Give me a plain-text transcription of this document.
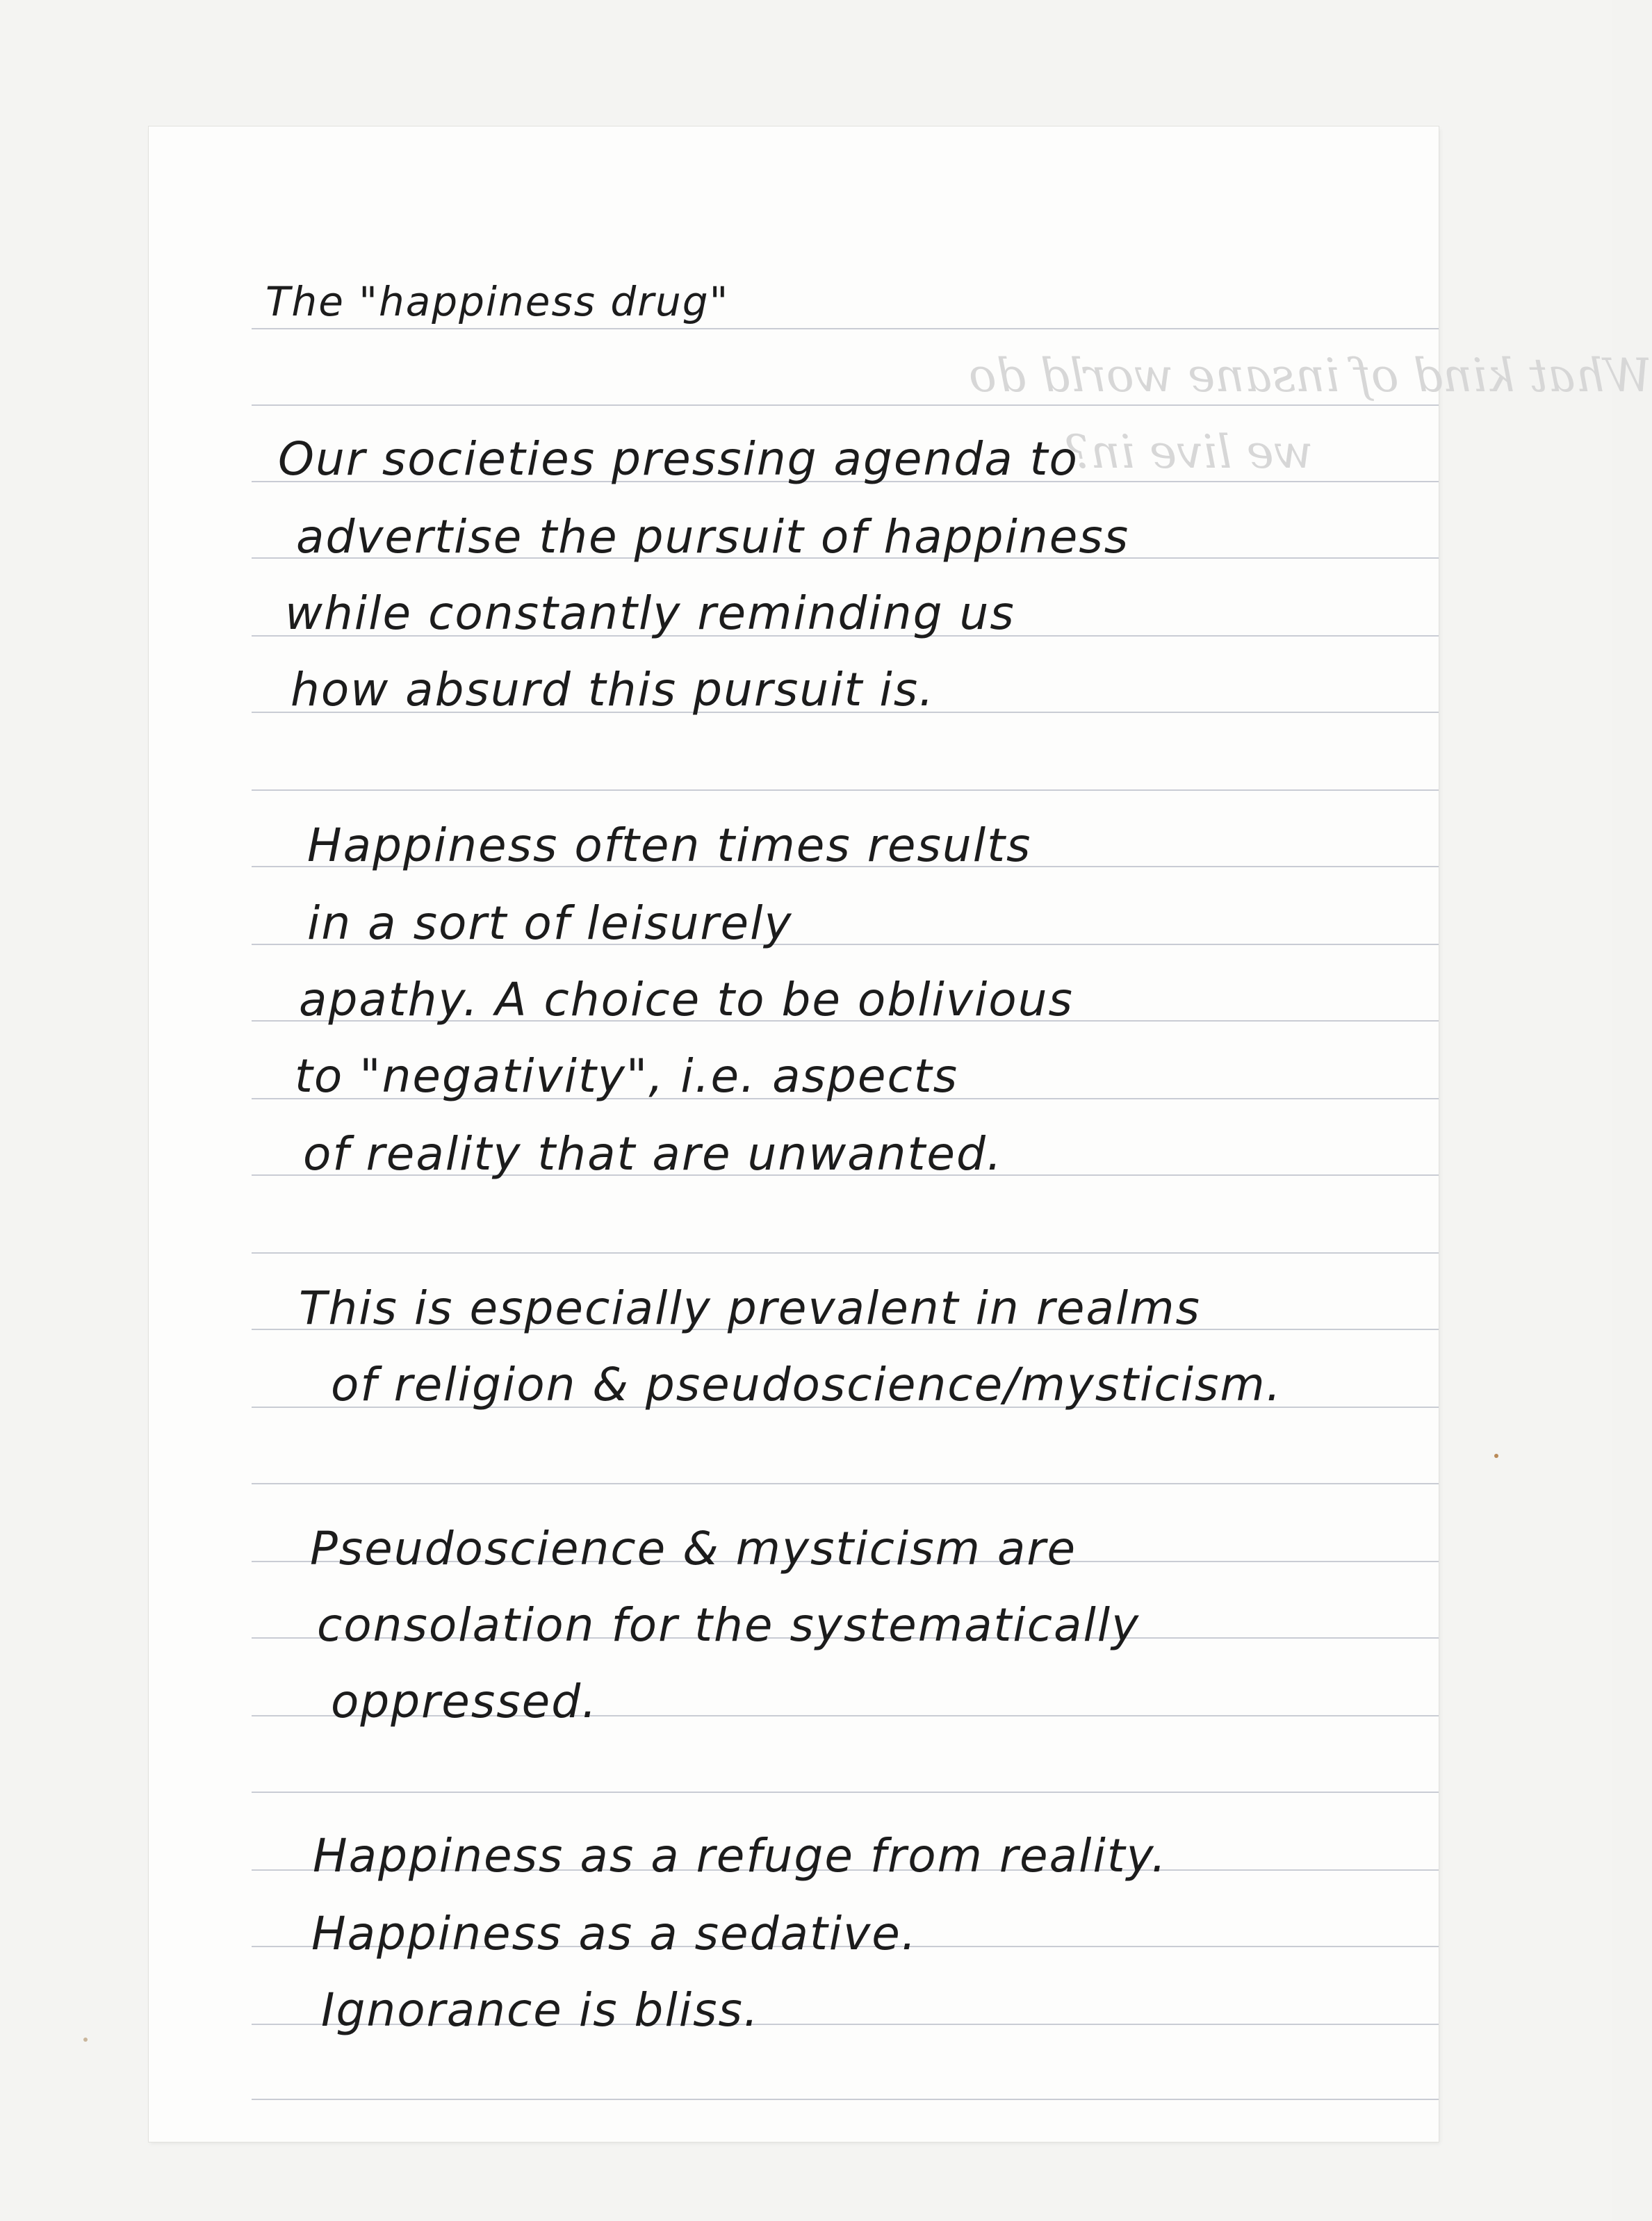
What kind of insane world do
we live in?
The "happiness drug"
Our societies pressing agenda to
advertise the pursuit of happiness
while constantly reminding us
how absurd this pursuit is.
Happiness often times results
in a sort of leisurely
apathy. A choice to be oblivious
to "negativity", i.e. aspects
of reality that are unwanted.
This is especially prevalent in realms
of religion & pseudoscience/mysticism.
Pseudoscience & mysticism are
consolation for the systematically
oppressed.
Happiness as a refuge from reality.
Happiness as a sedative.
Ignorance is bliss.
